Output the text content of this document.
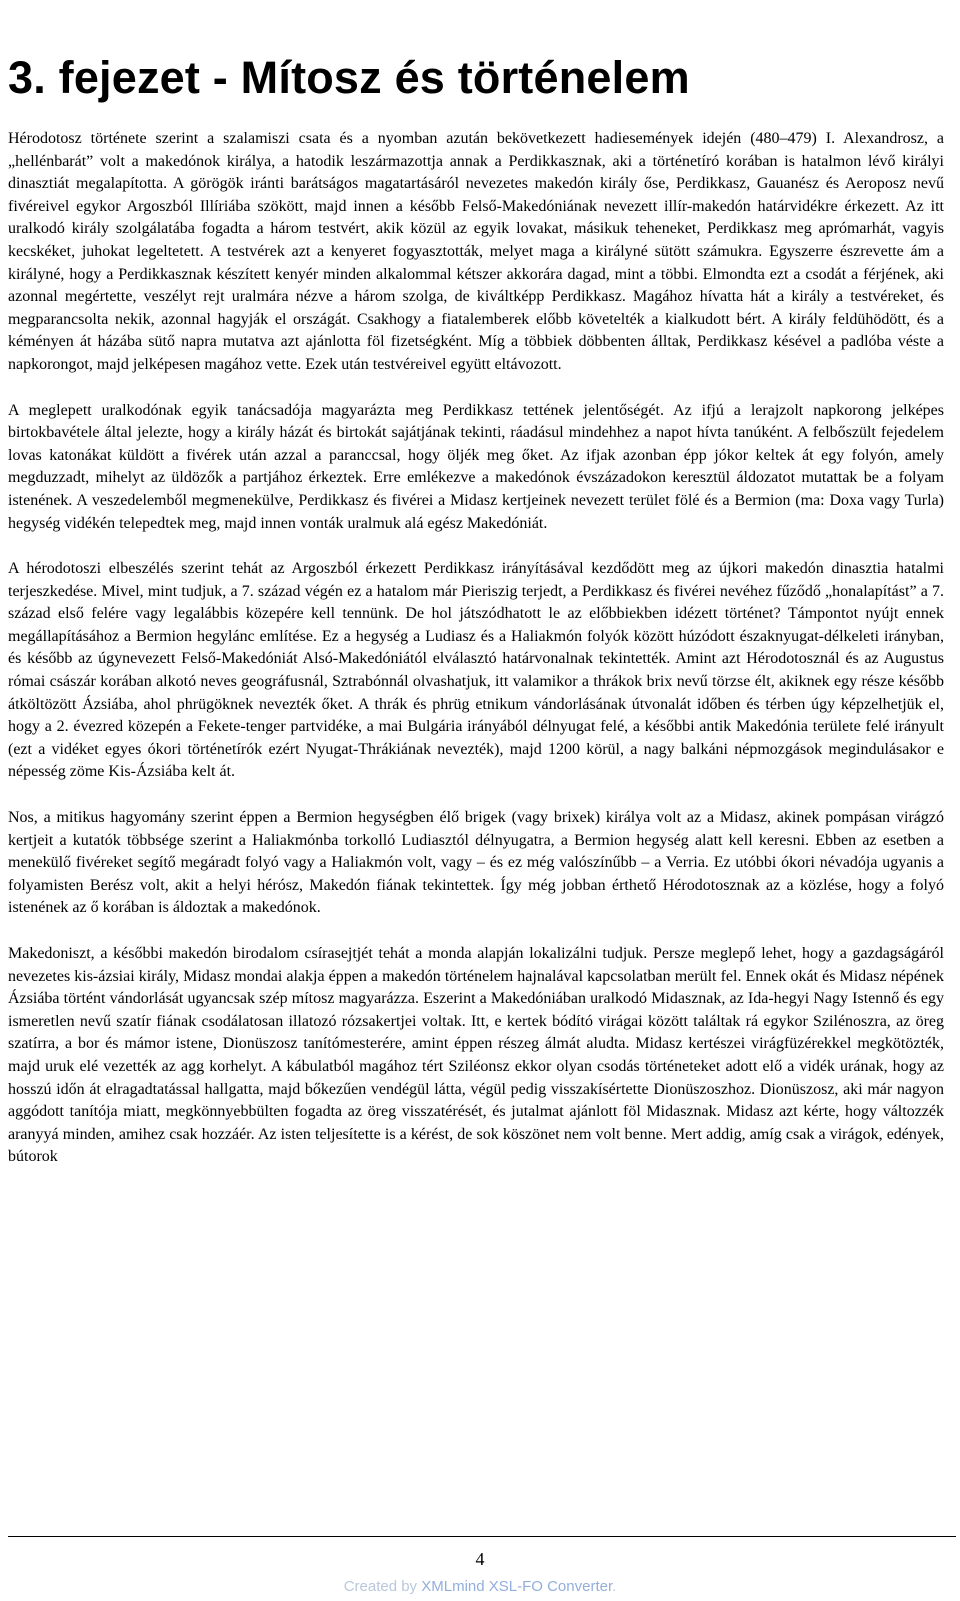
3. fejezet - Mítosz és történelem

Hérodotosz története szerint a szalamiszi csata és a nyomban azután bekövetkezett hadiesemények idején (480–479) I. Alexandrosz, a „hellénbarát” volt a makedónok királya, a hatodik leszármazottja annak a Perdikkasznak, aki a történetíró korában is hatalmon lévő királyi dinasztiát megalapította. A görögök iránti barátságos magatartásáról nevezetes makedón király őse, Perdikkasz, Gauanész és Aeroposz nevű fivéreivel egykor Argoszból Illíriába szökött, majd innen a később Felső-Makedóniának nevezett illír-makedón határvidékre érkezett. Az itt uralkodó király szolgálatába fogadta a három testvért, akik közül az egyik lovakat, másikuk teheneket, Perdikkasz meg aprómarhát, vagyis kecskéket, juhokat legeltetett. A testvérek azt a kenyeret fogyasztották, melyet maga a királyné sütött számukra. Egyszerre észrevette ám a királyné, hogy a Perdikkasznak készített kenyér minden alkalommal kétszer akkorára dagad, mint a többi. Elmondta ezt a csodát a férjének, aki azonnal megértette, veszélyt rejt uralmára nézve a három szolga, de kiváltképp Perdikkasz. Magához hívatta hát a király a testvéreket, és megparancsolta nekik, azonnal hagyják el országát. Csakhogy a fiatalemberek előbb követelték a kialkudott bért. A király feldühödött, és a kéményen át házába sütő napra mutatva azt ajánlotta föl fizetségként. Míg a többiek döbbenten álltak, Perdikkasz késével a padlóba véste a napkorongot, majd jelképesen magához vette. Ezek után testvéreivel együtt eltávozott.

A meglepett uralkodónak egyik tanácsadója magyarázta meg Perdikkasz tettének jelentőségét. Az ifjú a lerajzolt napkorong jelképes birtokbavétele által jelezte, hogy a király házát és birtokát sajátjának tekinti, ráadásul mindehhez a napot hívta tanúként. A felbőszült fejedelem lovas katonákat küldött a fivérek után azzal a paranccsal, hogy öljék meg őket. Az ifjak azonban épp jókor keltek át egy folyón, amely megduzzadt, mihelyt az üldözők a partjához érkeztek. Erre emlékezve a makedónok évszázadokon keresztül áldozatot mutattak be a folyam istenének. A veszedelemből megmenekülve, Perdikkasz és fivérei a Midasz kertjeinek nevezett terület fölé és a Bermion (ma: Doxa vagy Turla) hegység vidékén telepedtek meg, majd innen vonták uralmuk alá egész Makedóniát.

A hérodotoszi elbeszélés szerint tehát az Argoszból érkezett Perdikkasz irányításával kezdődött meg az újkori makedón dinasztia hatalmi terjeszkedése. Mivel, mint tudjuk, a 7. század végén ez a hatalom már Pieriszig terjedt, a Perdikkasz és fivérei nevéhez fűződő „honalapítást” a 7. század első felére vagy legalábbis közepére kell tennünk. De hol játszódhatott le az előbbiekben idézett történet? Támpontot nyújt ennek megállapításához a Bermion hegylánc említése. Ez a hegység a Ludiasz és a Haliakmón folyók között húzódott északnyugat-délkeleti irányban, és később az úgynevezett Felső-Makedóniát Alsó-Makedóniától elválasztó határvonalnak tekintették. Amint azt Hérodotosznál és az Augustus római császár korában alkotó neves geográfusnál, Sztrabónnál olvashatjuk, itt valamikor a thrákok brix nevű törzse élt, akiknek egy része később átköltözött Ázsiába, ahol phrügöknek nevezték őket. A thrák és phrüg etnikum vándorlásának útvonalát időben és térben úgy képzelhetjük el, hogy a 2. évezred közepén a Fekete-tenger partvidéke, a mai Bulgária irányából délnyugat felé, a későbbi antik Makedónia területe felé irányult (ezt a vidéket egyes ókori történetírók ezért Nyugat-Thrákiának nevezték), majd 1200 körül, a nagy balkáni népmozgások megindulásakor e népesség zöme Kis-Ázsiába kelt át.

Nos, a mitikus hagyomány szerint éppen a Bermion hegységben élő brigek (vagy brixek) királya volt az a Midasz, akinek pompásan virágzó kertjeit a kutatók többsége szerint a Haliakmónba torkolló Ludiasztól délnyugatra, a Bermion hegység alatt kell keresni. Ebben az esetben a menekülő fivéreket segítő megáradt folyó vagy a Haliakmón volt, vagy – és ez még valószínűbb – a Verria. Ez utóbbi ókori névadója ugyanis a folyamisten Berész volt, akit a helyi hérósz, Makedón fiának tekintettek. Így még jobban érthető Hérodotosznak az a közlése, hogy a folyó istenének az ő korában is áldoztak a makedónok.

Makedoniszt, a későbbi makedón birodalom csírasejtjét tehát a monda alapján lokalizálni tudjuk. Persze meglepő lehet, hogy a gazdagságáról nevezetes kis-ázsiai király, Midasz mondai alakja éppen a makedón történelem hajnalával kapcsolatban merült fel. Ennek okát és Midasz népének Ázsiába történt vándorlását ugyancsak szép mítosz magyarázza. Eszerint a Makedóniában uralkodó Midasznak, az Ida-hegyi Nagy Istennő és egy ismeretlen nevű szatír fiának csodálatosan illatozó rózsakertjei voltak. Itt, e kertek bódító virágai között találtak rá egykor Szilénoszra, az öreg szatírra, a bor és mámor istene, Dionüszosz tanítómesterére, amint éppen részeg álmát aludta. Midasz kertészei virágfüzérekkel megkötözték, majd uruk elé vezették az agg korhelyt. A kábulatból magához tért Sziléonsz ekkor olyan csodás történeteket adott elő a vidék urának, hogy az hosszú időn át elragadtatással hallgatta, majd bőkezűen vendégül látta, végül pedig visszakísértette Dionüszoszhoz. Dionüszosz, aki már nagyon aggódott tanítója miatt, megkönnyebbülten fogadta az öreg visszatérését, és jutalmat ajánlott föl Midasznak. Midasz azt kérte, hogy változzék aranyyá minden, amihez csak hozzáér. Az isten teljesítette is a kérést, de sok köszönet nem volt benne. Mert addig, amíg csak a virágok, edények, bútorok

4
Created by XMLmind XSL-FO Converter.
